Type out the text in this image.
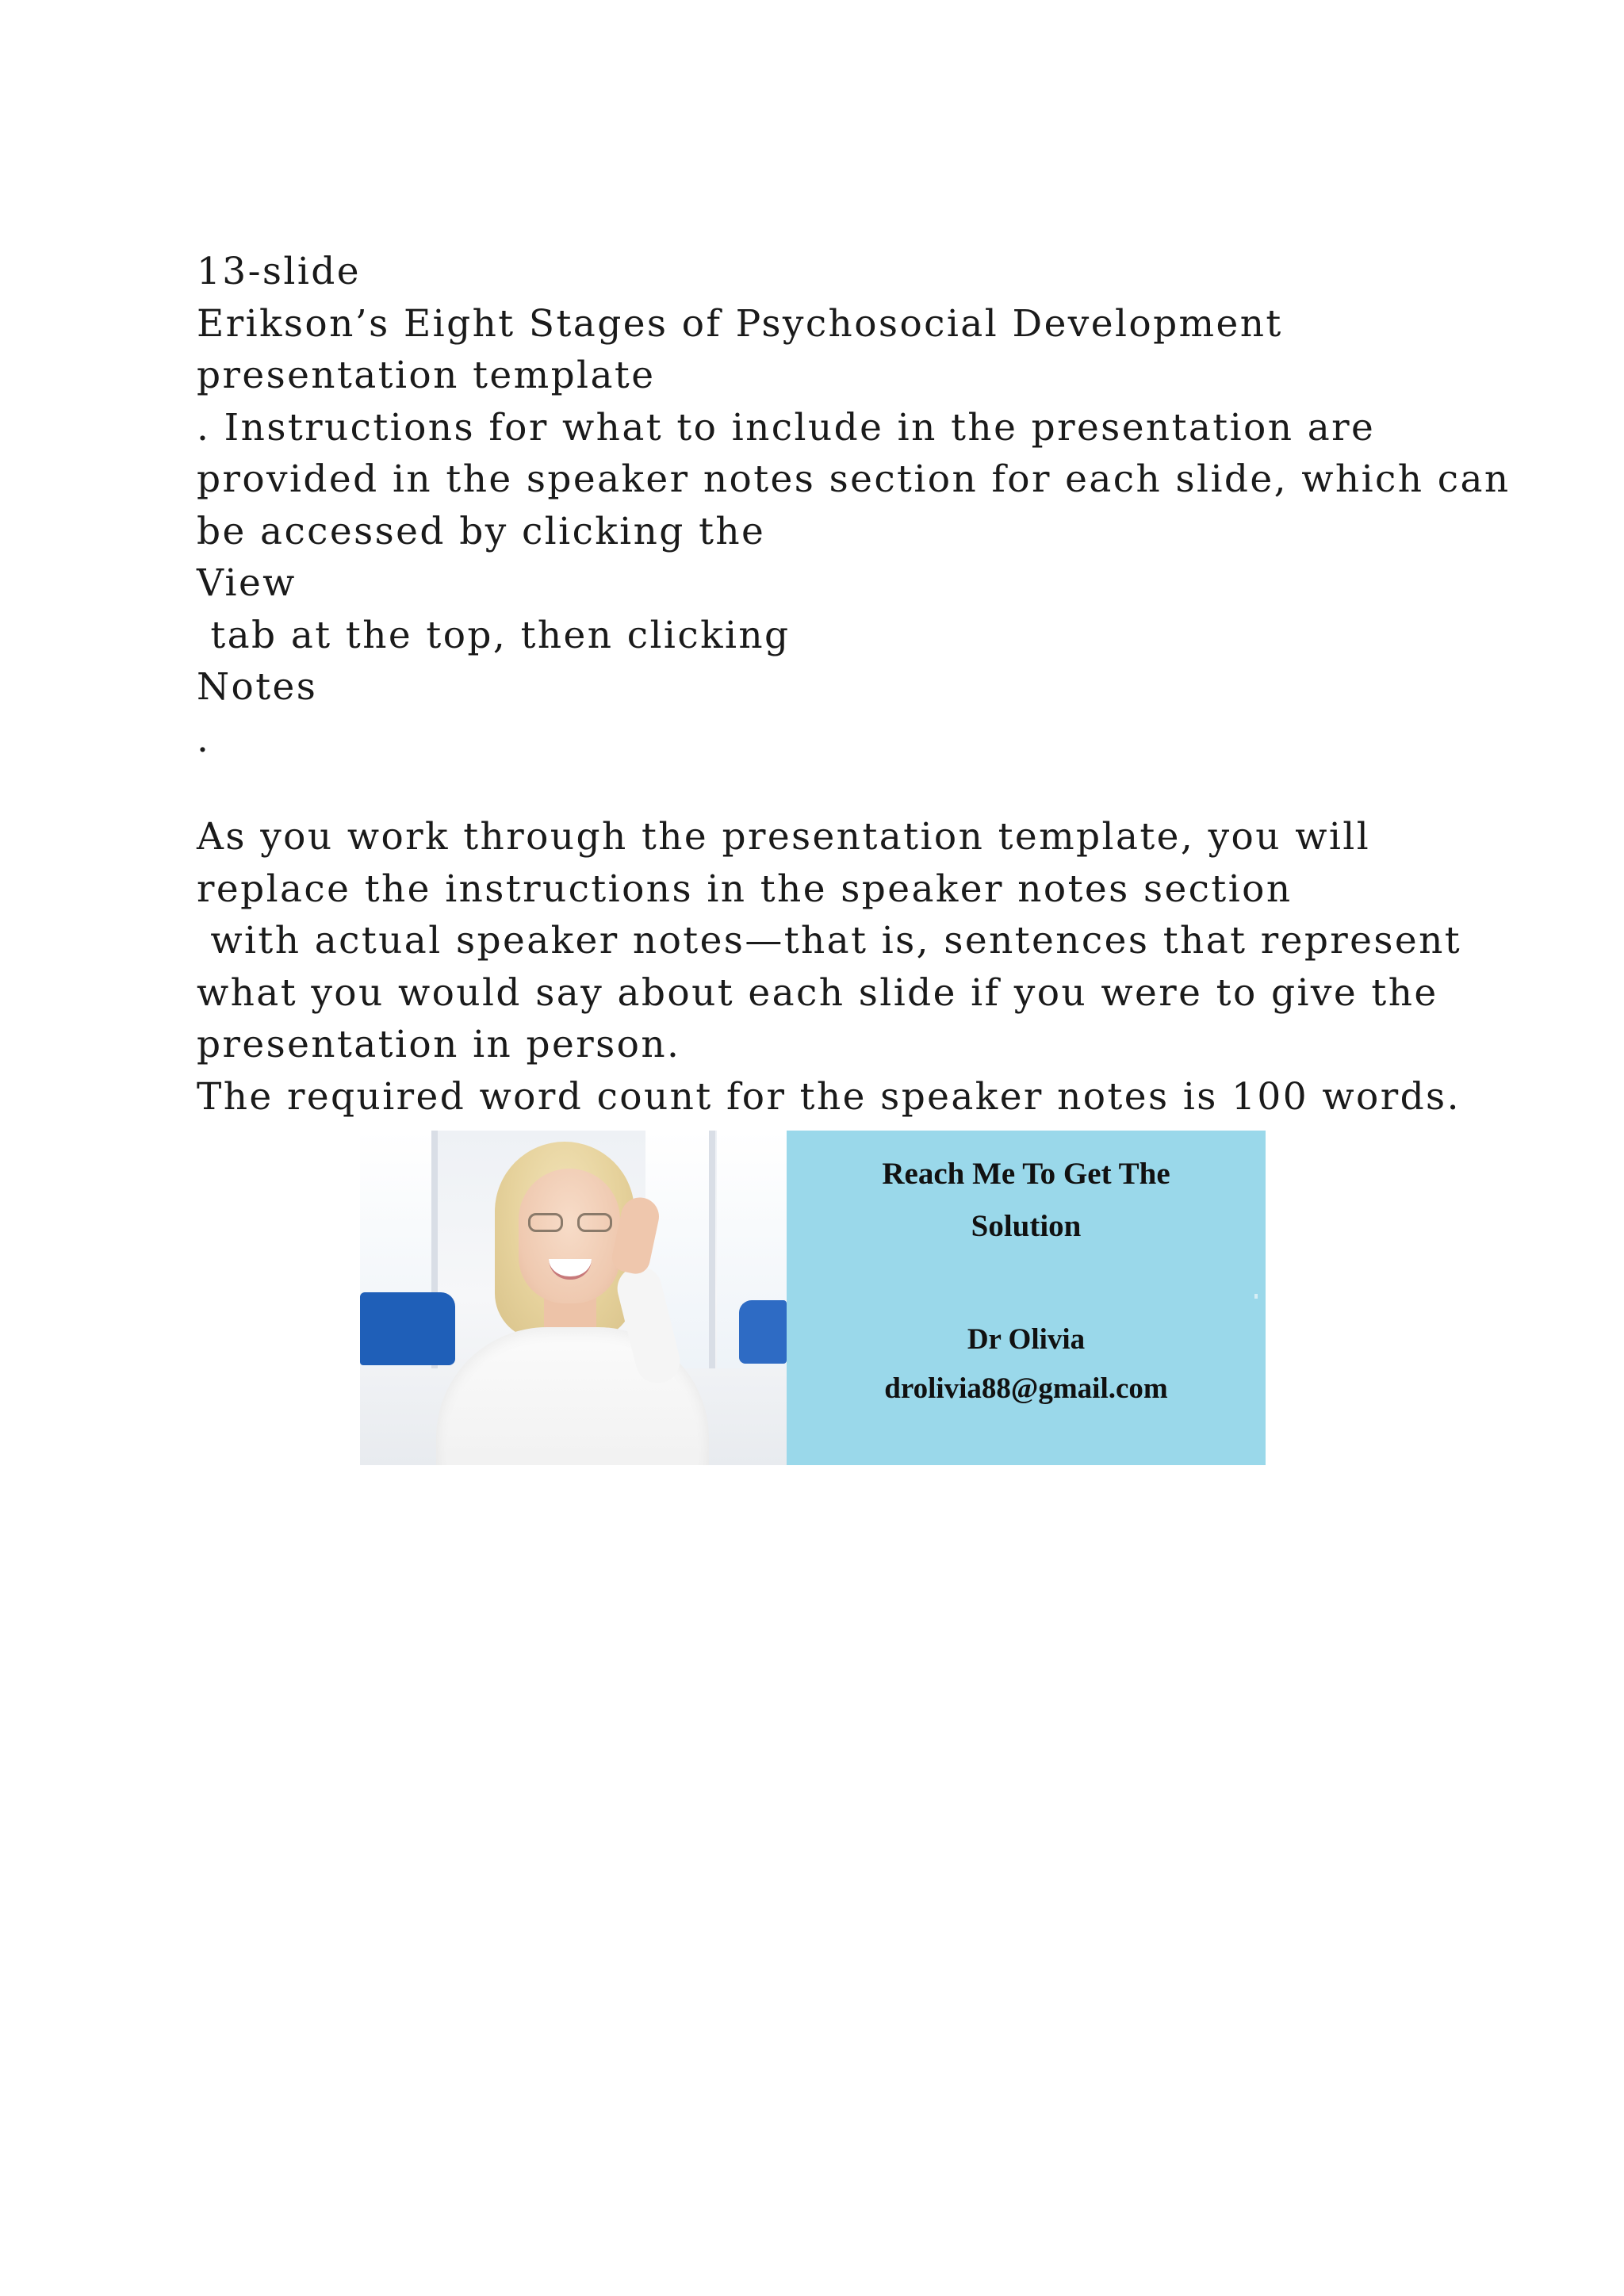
13-slide
Erikson’s Eight Stages of Psychosocial Development
presentation template
. Instructions for what to include in the presentation are
provided in the speaker notes section for each slide, which can
be accessed by clicking the
View
tab at the top, then clicking
Notes
.
As you work through the presentation template, you will
replace the instructions in the speaker notes section
with actual speaker notes—that is, sentences that represent
what you would say about each slide if you were to give the
presentation in person.
The required word count for the speaker notes is 100 words.
Reach Me To Get The
Solution
Dr Olivia
drolivia88@gmail.com
